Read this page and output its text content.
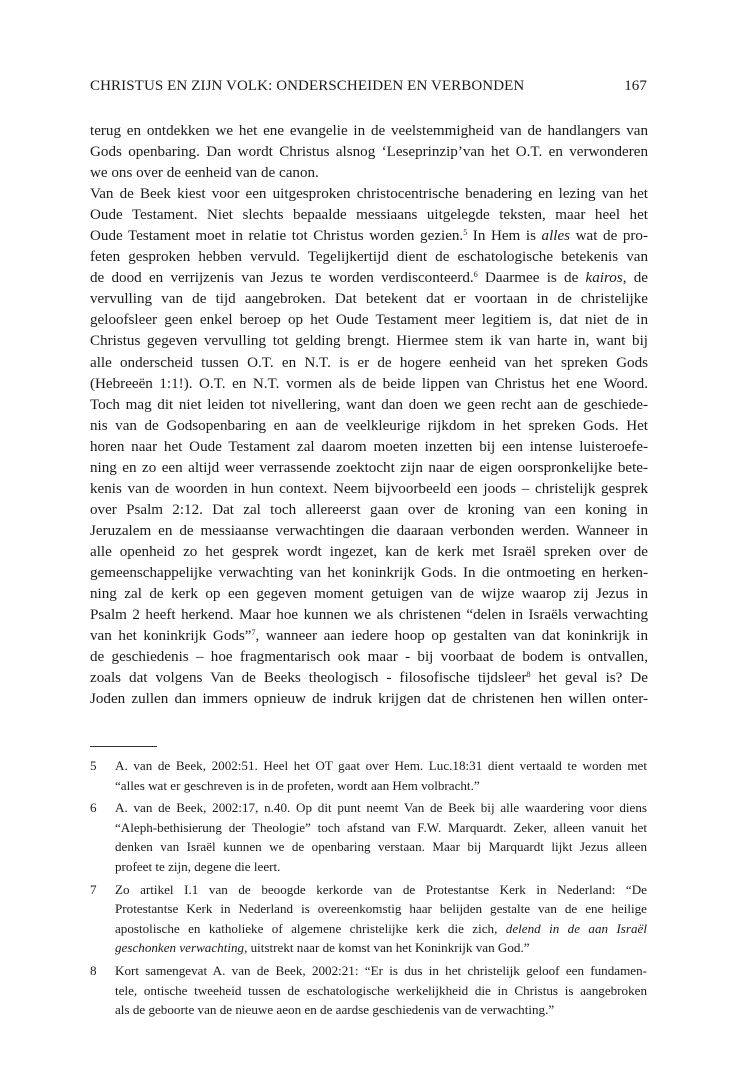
CHRISTUS EN ZIJN VOLK: ONDERSCHEIDEN EN VERBONDEN	167
terug en ontdekken we het ene evangelie in de veelstemmigheid van de handlangers van
Gods openbaring. Dan wordt Christus alsnog ‘Leseprinzip’van het O.T. en verwonderen
we ons over de eenheid van de canon.
Van de Beek kiest voor een uitgesproken christocentrische benadering en lezing van het
Oude Testament. Niet slechts bepaalde messiaans uitgelegde teksten, maar heel het
Oude Testament moet in relatie tot Christus worden gezien.$^5$ In Hem is alles wat de pro-
feten gesproken hebben vervuld. Tegelijkertijd dient de eschatologische betekenis van
de dood en verrijzenis van Jezus te worden verdisconteerd.$^6$ Daarmee is de kairos, de
vervulling van de tijd aangebroken. Dat betekent dat er voortaan in de christelijke
geloofsleer geen enkel beroep op het Oude Testament meer legitiem is, dat niet de in
Christus gegeven vervulling tot gelding brengt. Hiermee stem ik van harte in, want bij
alle onderscheid tussen O.T. en N.T. is er de hogere eenheid van het spreken Gods
(Hebreeën 1:1!). O.T. en N.T. vormen als de beide lippen van Christus het ene Woord.
Toch mag dit niet leiden tot nivellering, want dan doen we geen recht aan de geschiede-
nis van de Godsopenbaring en aan de veelkleurige rijkdom in het spreken Gods. Het
horen naar het Oude Testament zal daarom moeten inzetten bij een intense luisteroefe-
ning en zo een altijd weer verrassende zoektocht zijn naar de eigen oorspronkelijke bete-
kenis van de woorden in hun context. Neem bijvoorbeeld een joods – christelijk gesprek
over Psalm 2:12. Dat zal toch allereerst gaan over de kroning van een koning in
Jeruzalem en de messiaanse verwachtingen die daaraan verbonden werden. Wanneer in
alle openheid zo het gesprek wordt ingezet, kan de kerk met Israël spreken over de
gemeenschappelijke verwachting van het koninkrijk Gods. In die ontmoeting en herken-
ning zal de kerk op een gegeven moment getuigen van de wijze waarop zij Jezus in
Psalm 2 heeft herkend. Maar hoe kunnen we als christenen “delen in Israëls verwachting
van het koninkrijk Gods”$^7$, wanneer aan iedere hoop op gestalten van dat koninkrijk in
de geschiedenis – hoe fragmentarisch ook maar - bij voorbaat de bodem is ontvallen,
zoals dat volgens Van de Beeks theologisch - filosofische tijdsleer$^8$ het geval is? De
Joden zullen dan immers opnieuw de indruk krijgen dat de christenen hen willen onter-
5	A. van de Beek, 2002:51. Heel het OT gaat over Hem. Luc.18:31 dient vertaald te worden met
“alles wat er geschreven is in de profeten, wordt aan Hem volbracht.”
6	A. van de Beek, 2002:17, n.40. Op dit punt neemt Van de Beek bij alle waardering voor diens
“Aleph-bethisierung der Theologie” toch afstand van F.W. Marquardt. Zeker, alleen vanuit het
denken van Israël kunnen we de openbaring verstaan. Maar bij Marquardt lijkt Jezus alleen
profeet te zijn, degene die leert.
7	Zo artikel I.1 van de beoogde kerkorde van de Protestantse Kerk in Nederland: “De
Protestantse Kerk in Nederland is overeenkomstig haar belijden gestalte van de ene heilige
apostolische en katholieke of algemene christelijke kerk die zich, delend in de aan Israël
geschonken verwachting, uitstrekt naar de komst van het Koninkrijk van God.”
8	Kort samengevat A. van de Beek, 2002:21: “Er is dus in het christelijk geloof een fundamen-
tele, ontische tweeheid tussen de eschatologische werkelijkheid die in Christus is aangebroken
als de geboorte van de nieuwe aeon en de aardse geschiedenis van de verwachting.”
